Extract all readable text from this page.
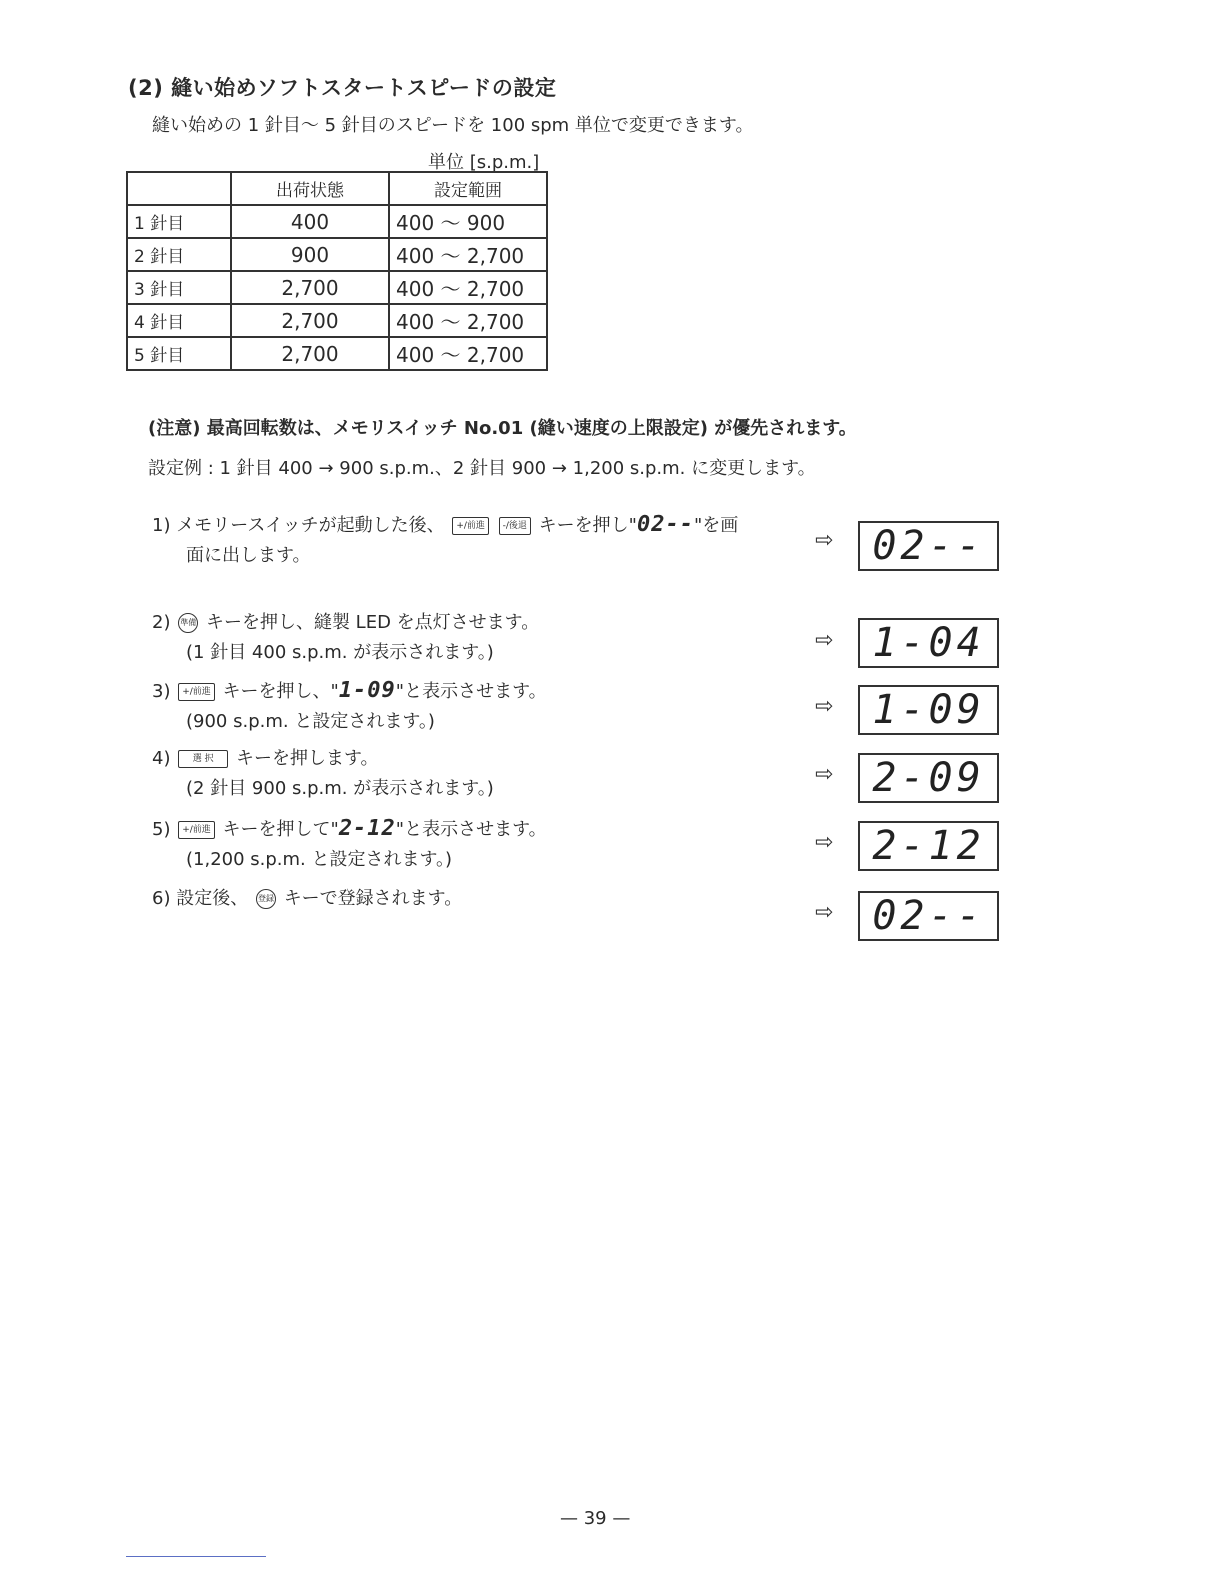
(2) 縫い始めソフトスタートスピードの設定
縫い始めの 1 針目〜 5 針目のスピードを 100 spm 単位で変更できます。
単位 [s.p.m.]
	出荷状態	設定範囲
1 針目	400	400 〜 900
2 針目	900	400 〜 2,700
3 針目	2,700	400 〜 2,700
4 針目	2,700	400 〜 2,700
5 針目	2,700	400 〜 2,700
(注意) 最高回転数は、メモリスイッチ No.01 (縫い速度の上限設定) が優先されます。
設定例 : 1 針目 400 → 900 s.p.m.、2 針目 900 → 1,200 s.p.m. に変更します。
1) メモリースイッチが起動した後、 +/前進 -/後退 キーを押し"02--"を画
面に出します。
⇨ 02--
2) 準備 キーを押し、縫製 LED を点灯させます。
(1 針目 400 s.p.m. が表示されます。)	⇨ 1-04
3) +/前進 キーを押し、"1-09"と表示させます。
(900 s.p.m. と設定されます。)
⇨ 1-09
4) 選 択 キーを押します。
(2 針目 900 s.p.m. が表示されます。)
⇨ 2-09
5) +/前進 キーを押して"2-12"と表示させます。
(1,200 s.p.m. と設定されます。)
⇨ 2-12
6) 設定後、 登録 キーで登録されます。
⇨ 02--
— 39 —
